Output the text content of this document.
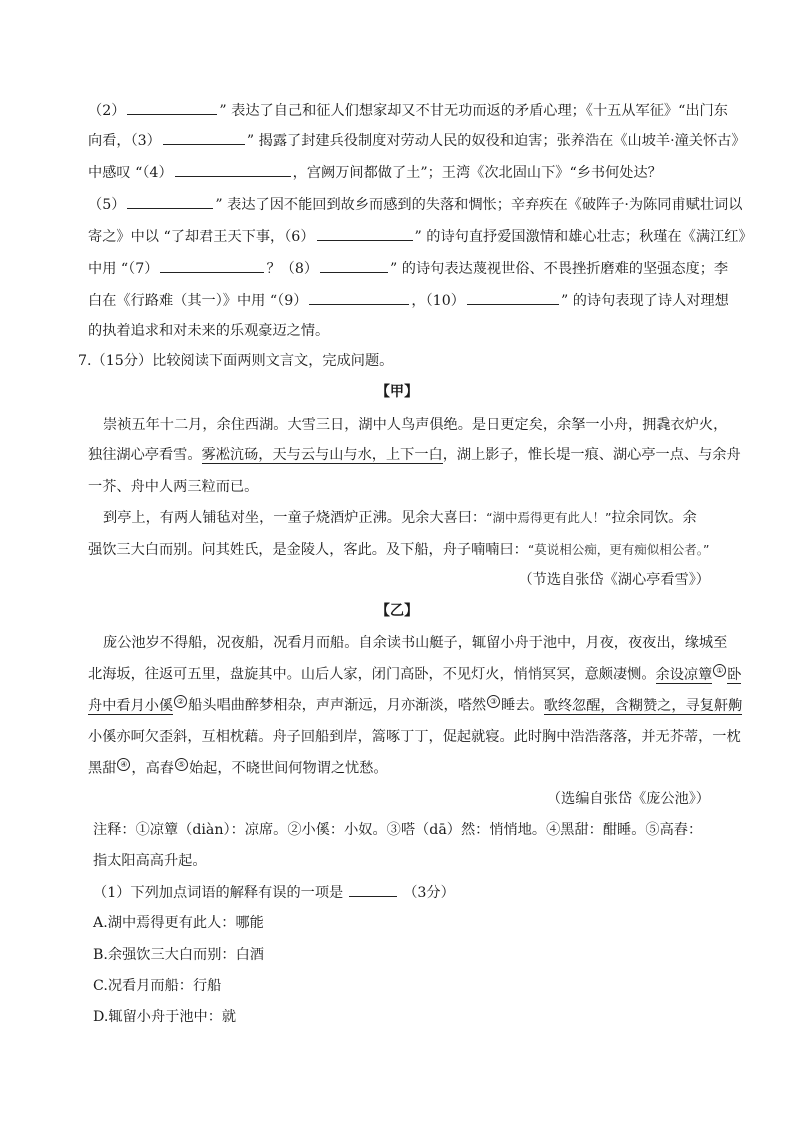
（2）	” 表达了自己和征人们想家却又不甘无功而返的矛盾心理；《十五从军征》“出门东
向看，（3）	” 揭露了封建兵役制度对劳动人民的奴役和迫害；张养浩在《山坡羊·潼关怀古》
中感叹 “（4）	，宫阙万间都做了土”；王湾《次北固山下》“乡书何处达？
（5）	” 表达了因不能回到故乡而感到的失落和惆怅；辛弃疾在《破阵子·为陈同甫赋壮词以
寄之》中以 “了却君王天下事，（6）	” 的诗句直抒爱国激情和雄心壮志；秋瑾在《满江红》
中用 “（7）	？（8）	” 的诗句表达蔑视世俗、不畏挫折磨难的坚强态度；李
白在《行路难（其一）》中用 “（9）	，（10）	” 的诗句表现了诗人对理想
的执着追求和对未来的乐观豪迈之情。
7.（15分）比较阅读下面两则文言文，完成问题。
【甲】
崇祯五年十二月，余住西湖。大雪三日，湖中人鸟声俱绝。是日更定矣，余拏一小舟，拥毳衣炉火，
独往湖心亭看雪。雾凇沆砀，天与云与山与水，上下一白，湖上影子，惟长堤一痕、湖心亭一点、与余舟
一芥、舟中人两三粒而已。
到亭上，有两人铺毡对坐，一童子烧酒炉正沸。见余大喜曰：“湖中焉得更有此人！”拉余同饮。余
强饮三大白而别。问其姓氏，是金陵人，客此。及下船，舟子喃喃曰：“莫说相公痴，更有痴似相公者。”
（节选自张岱《湖心亭看雪》）
【乙】
庞公池岁不得船，况夜船，况看月而船。自余读书山艇子，辄留小舟于池中，月夜，夜夜出，缘城至
北海坂，往返可五里，盘旋其中。山后人家，闭门高卧，不见灯火，悄悄冥冥，意颇凄恻。余设凉簟 ① 卧
舟中看月小傒 ② 船头唱曲醉梦相杂，声声渐远，月亦渐淡，嗒然 ③ 睡去。歌终忽醒，含糊赞之，寻复鼾齁
小傒亦呵欠歪斜，互相枕藉。舟子回船到岸，篙啄丁丁，促起就寝。此时胸中浩浩落落，并无芥蒂，一枕
黑甜 ④ ，高舂 ⑤ 始起，不晓世间何物谓之忧愁。
（选编自张岱《庞公池》）
注释：①凉簟（diàn）：凉席。②小傒：小奴。③嗒（dā）然：悄悄地。④黑甜：酣睡。⑤高舂：
指太阳高高升起。
（1）下列加点词语的解释有误的一项是	（3分）
A.湖中焉得更有此人：哪能
B.余强饮三大白而别：白酒
C.况看月而船：行船
D.辄留小舟于池中：就
